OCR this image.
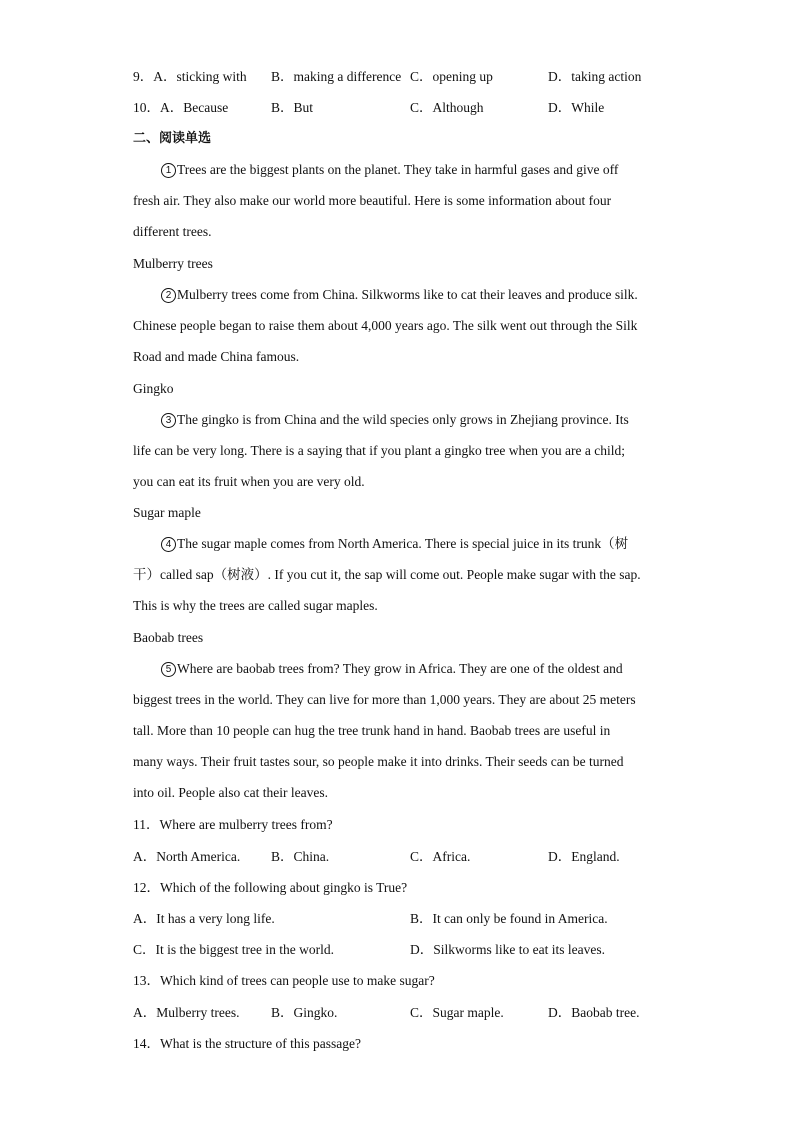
9．A．sticking with B．making a difference C．opening up	D．taking action
10．A．Because	B．But	C．Although	D．While
二、阅读单选
1 Trees are the biggest plants on the planet. They take in harmful gases and give off
fresh air. They also make our world more beautiful. Here is some information about four
different trees.
Mulberry trees
2 Mulberry trees come from China. Silkworms like to cat their leaves and produce silk.
Chinese people began to raise them about 4,000 years ago. The silk went out through the Silk
Road and made China famous.
Gingko
3 The gingko is from China and the wild species only grows in Zhejiang province. Its
life can be very long. There is a saying that if you plant a gingko tree when you are a child;
you can eat its fruit when you are very old.
Sugar maple
4 The sugar maple comes from North America. There is special juice in its trunk（树
干）called sap（树液）. If you cut it, the sap will come out. People make sugar with the sap.
This is why the trees are called sugar maples.
Baobab trees
5 Where are baobab trees from? They grow in Africa. They are one of the oldest and
biggest trees in the world. They can live for more than 1,000 years. They are about 25 meters
tall. More than 10 people can hug the tree trunk hand in hand. Baobab trees are useful in
many ways. Their fruit tastes sour, so people make it into drinks. Their seeds can be turned
into oil. People also cat their leaves.
11．Where are mulberry trees from?
A．North America. B．China.	C．Africa.	D．England.
12．Which of the following about gingko is True?
A．It has a very long life.	B．It can only be found in America.
C．It is the biggest tree in the world.	D．Silkworms like to eat its leaves.
13．Which kind of trees can people use to make sugar?
A．Mulberry trees. B．Gingko.	C．Sugar maple.	D．Baobab tree.
14．What is the structure of this passage?
